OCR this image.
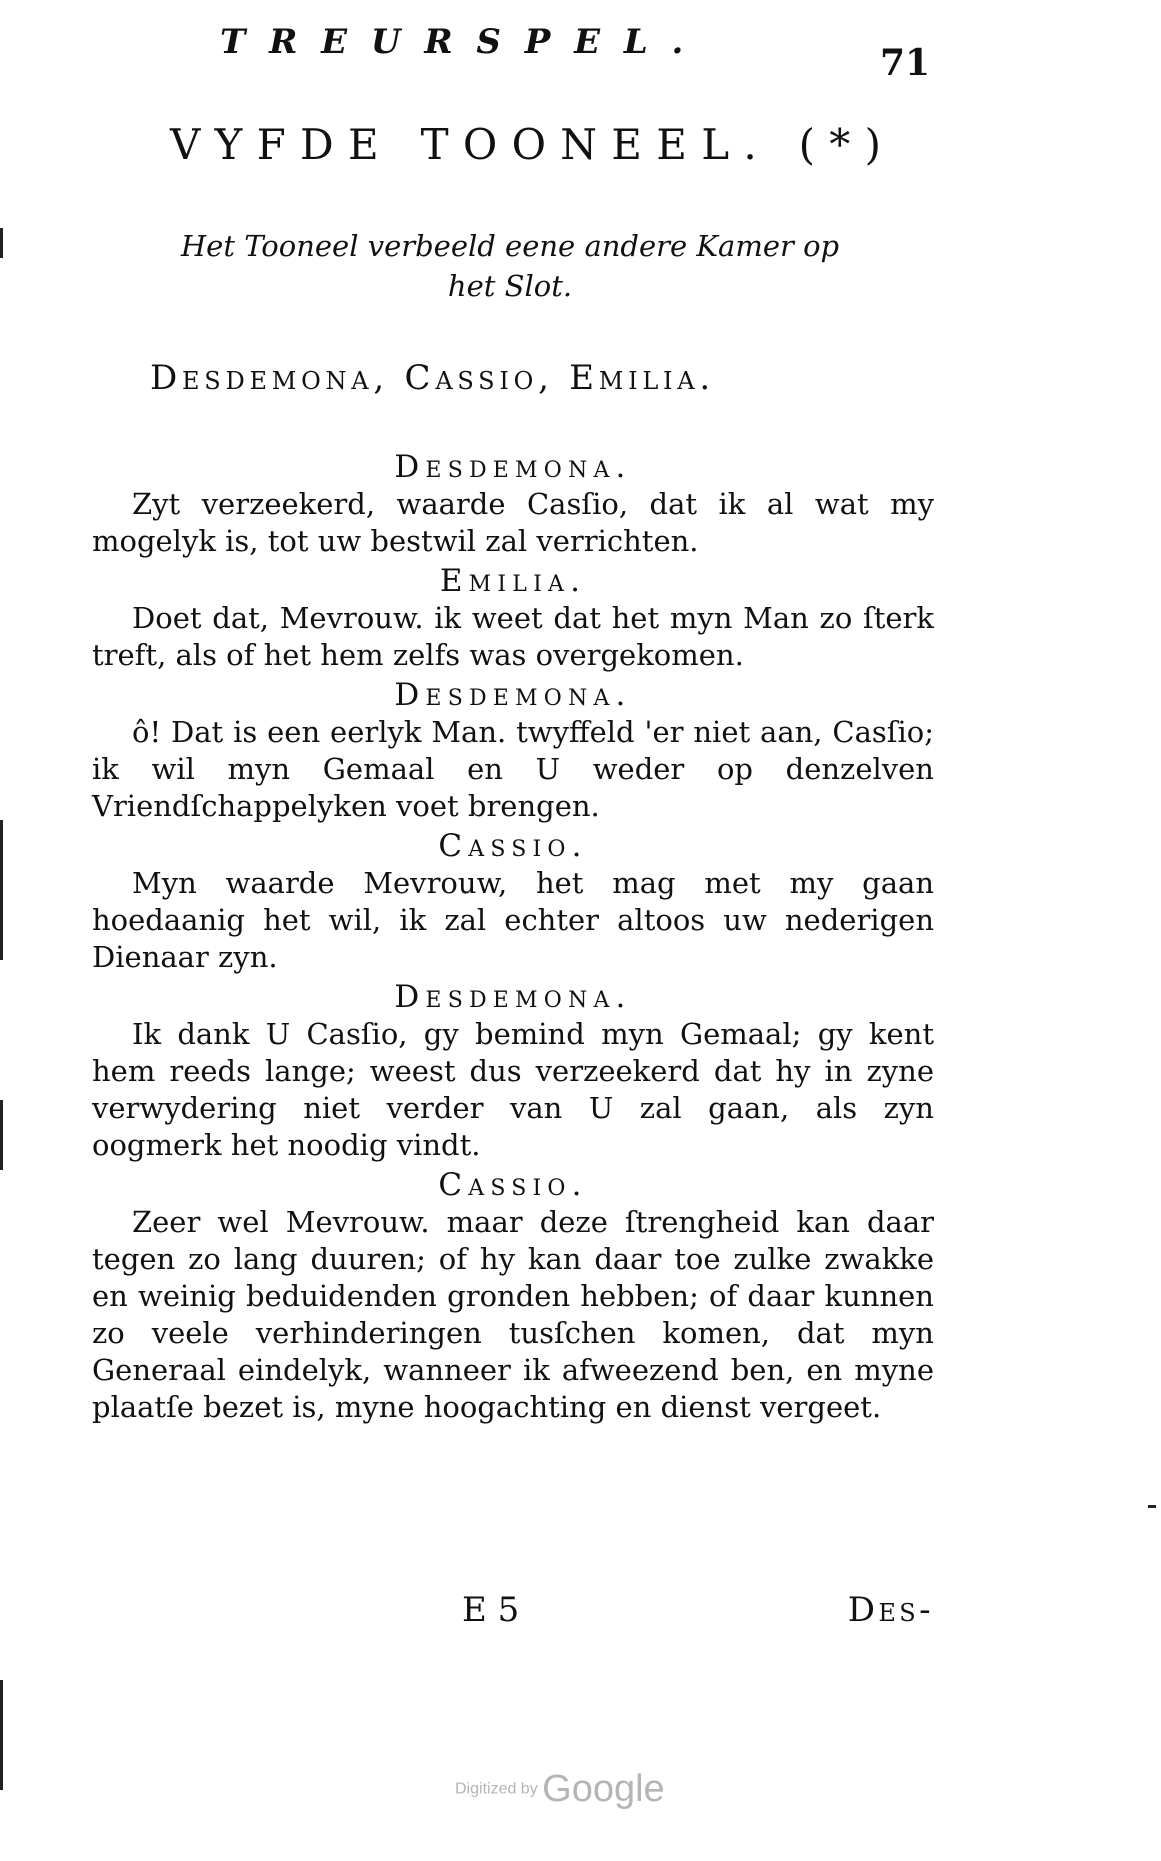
TREURSPEL.	71
VYFDE TOONEEL. (*)
Het Tooneel verbeeld eene andere Kamer op
het Slot.
Desdemona, Cassio, Emilia.
Desdemona.

Zyt verzeekerd, waarde Casſio, dat ik al wat my mogelyk is, tot uw bestwil zal verrichten.

Emilia.

Doet dat, Mevrouw. ik weet dat het myn Man zo ſterk treft, als of het hem zelfs was overgekomen.

Desdemona.

ô! Dat is een eerlyk Man. twyffeld 'er niet aan, Casſio; ik wil myn Gemaal en U weder op denzelven Vriendſchappelyken voet brengen.

Cassio.

Myn waarde Mevrouw, het mag met my gaan hoedaanig het wil, ik zal echter altoos uw nederigen Dienaar zyn.

Desdemona.

Ik dank U Casſio, gy bemind myn Gemaal; gy kent hem reeds lange; weest dus verzeekerd dat hy in zyne verwydering niet verder van U zal gaan, als zyn oogmerk het noodig vindt.

Cassio.

Zeer wel Mevrouw. maar deze ſtrengheid kan daar tegen zo lang duuren; of hy kan daar toe zulke zwakke en weinig beduidenden gronden hebben; of daar kunnen zo veele verhinderingen tusſchen komen, dat myn Generaal eindelyk, wanneer ik afweezend ben, en myne plaatſe bezet is, myne hoogachting en dienst vergeet.

E 5	Des-
Digitized by Google
